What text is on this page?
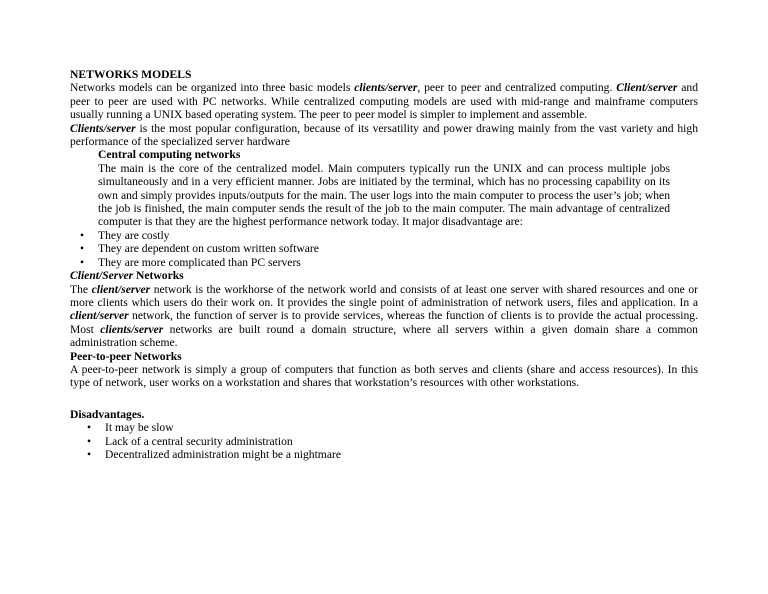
NETWORKS MODELS

Networks models can be organized into three basic models clients/server, peer to peer and centralized computing. Client/server and peer to peer are used with PC networks. While centralized computing models are used with mid-range and mainframe computers usually running a UNIX based operating system. The peer to peer model is simpler to implement and assemble.

Clients/server is the most popular configuration, because of its versatility and power drawing mainly from the vast variety and high performance of the specialized server hardware

Central computing networks

The main is the core of the centralized model. Main computers typically run the UNIX and can process multiple jobs simultaneously and in a very efficient manner. Jobs are initiated by the terminal, which has no processing capability on its own and simply provides inputs/outputs for the main. The user logs into the main computer to process the user’s job; when the job is finished, the main computer sends the result of the job to the main computer. The main advantage of centralized computer is that they are the highest performance network today. It major disadvantage are:

• They are costly
• They are dependent on custom written software
• They are more complicated than PC servers

Client/Server Networks

The client/server network is the workhorse of the network world and consists of at least one server with shared resources and one or more clients which users do their work on. It provides the single point of administration of network users, files and application. In a client/server network, the function of server is to provide services, whereas the function of clients is to provide the actual processing. Most clients/server networks are built round a domain structure, where all servers within a given domain share a common administration scheme.

Peer-to-peer Networks

A peer-to-peer network is simply a group of computers that function as both serves and clients (share and access resources). In this type of network, user works on a workstation and shares that workstation’s resources with other workstations.

Disadvantages.

• It may be slow
• Lack of a central security administration
• Decentralized administration might be a nightmare
